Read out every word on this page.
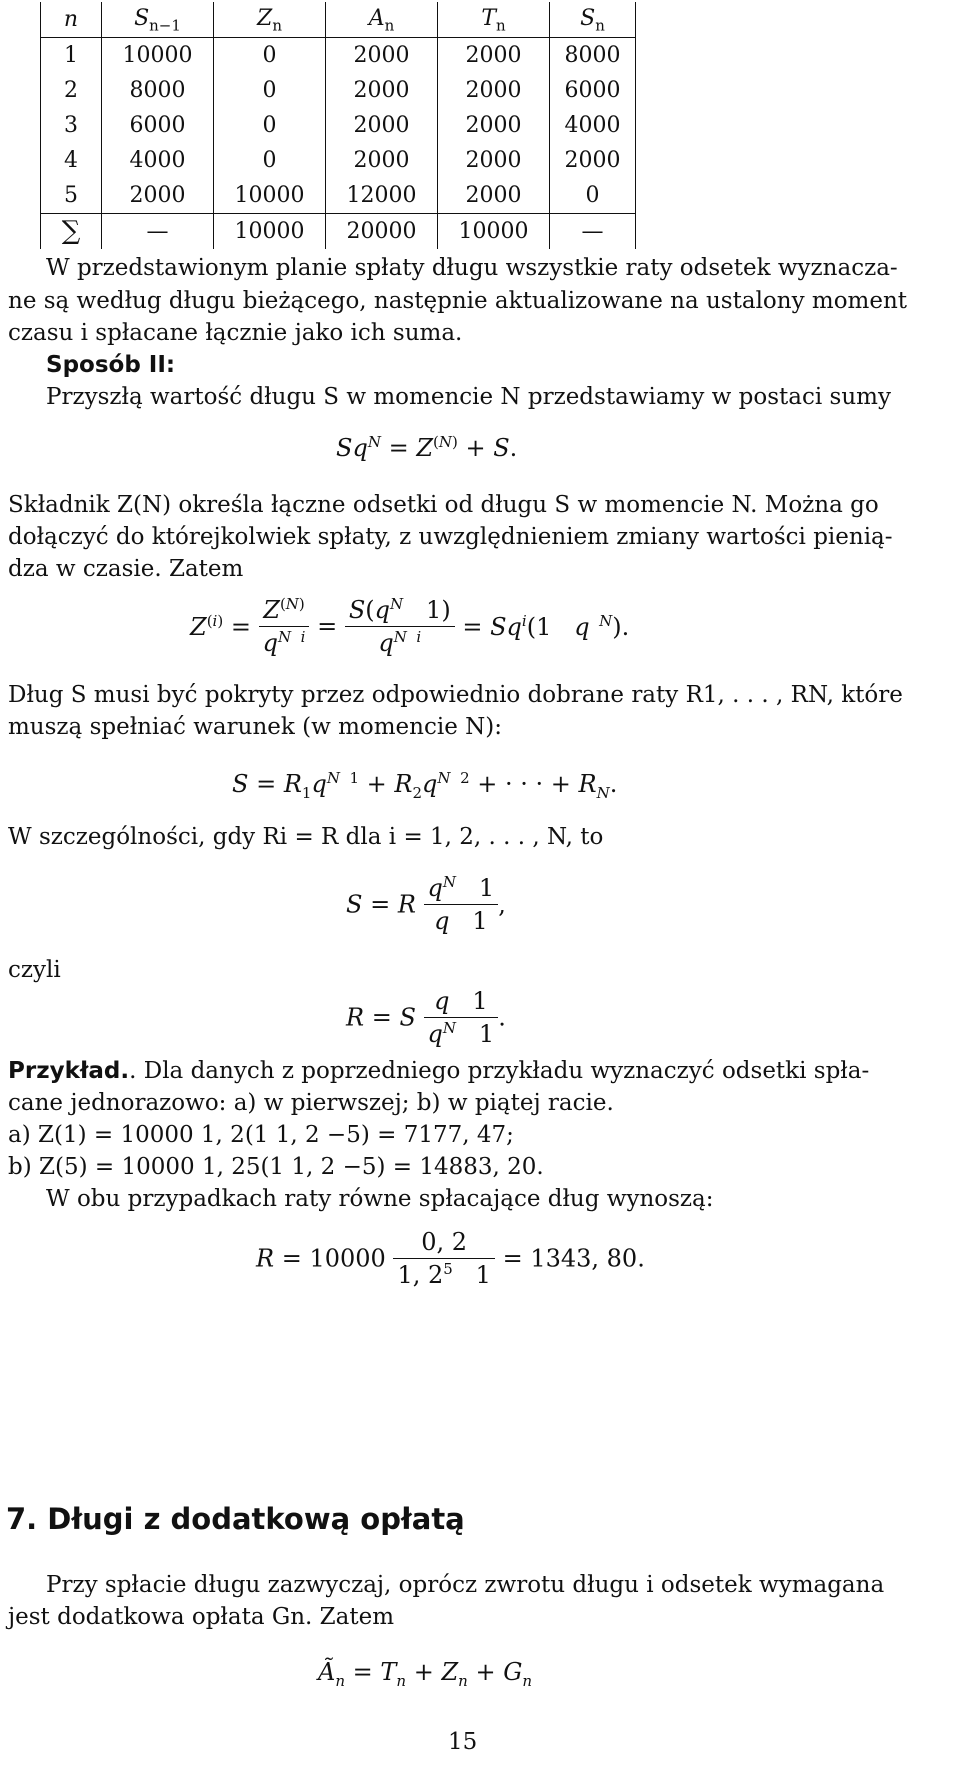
n	$S_{n-1}$	$Z_n$	$A_n$	$T_n$	$S_n$
1	10000	0	2000	2000	8000
2	8000	0	2000	2000	6000
3	6000	0	2000	2000	4000
4	4000	0	2000	2000	2000
5	2000	10000	12000	2000	0
∑	—	10000	20000	10000	—
W przedstawionym planie spłaty długu wszystkie raty odsetek wyznacza-
ne są według długu bieżącego, następnie aktualizowane na ustalony moment
czasu i spłacane łącznie jako ich suma.
Sposób II:
Przyszłą wartość długu S w momencie N przedstawiamy w postaci sumy
$Sq^N = Z^{(N)} + S$.
Składnik Z(N) określa łączne odsetki od długu S w momencie N. Można go
dołączyć do którejkolwiek spłaty, z uwzględnieniem zmiany wartości pienią-
dza w czasie. Zatem
$Z^{(i)} = \frac{Z^{(N)}}{q^{N i}} = \frac{S(q^N 1)}{q^{N i}} = Sq^i(1$   q $^N$).
Dług S musi być pokryty przez odpowiednio dobrane raty R1, . . . , RN, które
muszą spełniać warunek (w momencie N):
$S = R_1q^{N 1} + R_2q^{N 2}$ + · · · + $R_N$.
W szczególności, gdy Ri = R dla i = 1, 2, . . . , N, to
S = R $\frac{q^N 1}{q 1}$ ,
czyli
R = S $\frac{q 1}{q^N 1}$ .
Przykład.. Dla danych z poprzedniego przykładu wyznaczyć odsetki spła-
cane jednorazowo: a) w pierwszej; b) w piątej racie.
a) Z(1) = 10000 1, 2(1 1, 2 −5) = 7177, 47;
b) Z(5) = 10000 1, 25(1 1, 2 −5) = 14883, 20.
W obu przypadkach raty równe spłacające dług wynoszą:
$R = 10000 \frac{0, 2}{1, 2^5 1} = 1343$, 80.
7. Długi z dodatkową opłatą
Przy spłacie długu zazwyczaj, oprócz zwrotu długu i odsetek wymagana
jest dodatkowa opłata Gn. Zatem
$Ã_n = T_n + Z_n + G_n$
15
